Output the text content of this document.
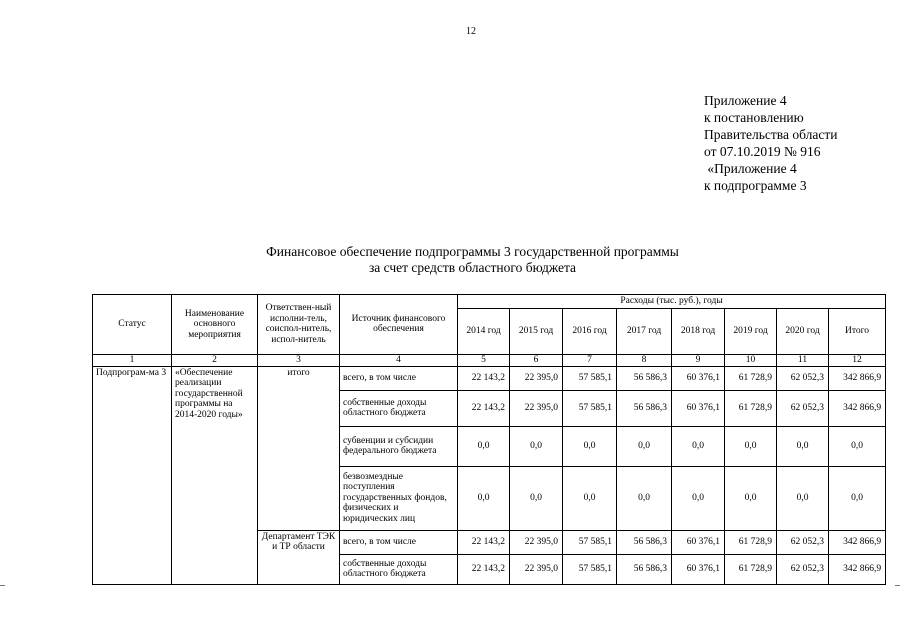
12
Приложение 4
к постановлению
Правительства области
от 07.10.2019 № 916
«Приложение 4
к подпрограмме 3
Финансовое обеспечение подпрограммы 3 государственной программы
за счет средств областного бюджета
Статус	Наименование основного мероприятия	Ответствен-ный исполни-тель, соиспол-нитель, испол-нитель	Источник финансового обеспечения	Расходы (тыс. руб.), годы							
				2014 год	2015 год	2016 год	2017 год	2018 год	2019 год	2020 год	Итого
1	2	3	4	5	6	7	8	9	10	11	12
Подпрограм-ма 3	«Обеспечение реализации государственной программы на 2014-2020 годы»	итого	всего, в том числе	22 143,2	22 395,0	57 585,1	56 586,3	60 376,1	61 728,9	62 052,3	342 866,9
			собственные доходы областного бюджета	22 143,2	22 395,0	57 585,1	56 586,3	60 376,1	61 728,9	62 052,3	342 866,9
			субвенции и субсидии федерального бюджета	0,0	0,0	0,0	0,0	0,0	0,0	0,0	0,0
			безвозмездные поступления государственных фондов, физических и юридических лиц	0,0	0,0	0,0	0,0	0,0	0,0	0,0	0,0
		Департамент ТЭК и ТР области	всего, в том числе	22 143,2	22 395,0	57 585,1	56 586,3	60 376,1	61 728,9	62 052,3	342 866,9
			собственные доходы областного бюджета	22 143,2	22 395,0	57 585,1	56 586,3	60 376,1	61 728,9	62 052,3	342 866,9
